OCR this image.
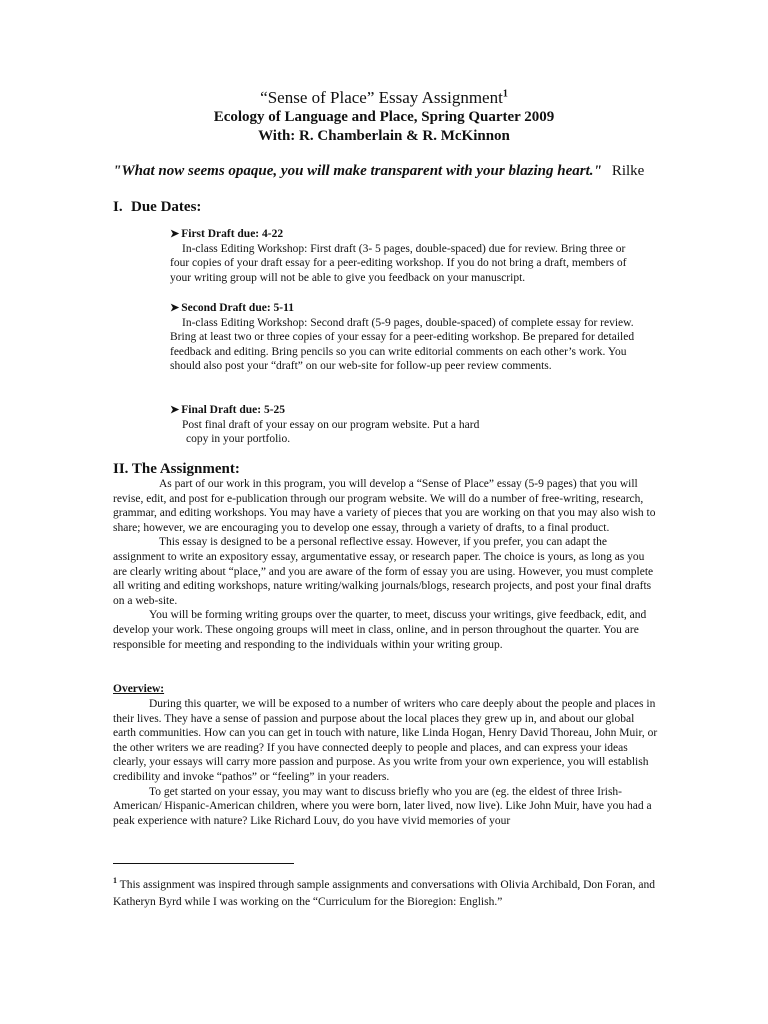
“Sense of Place” Essay Assignment$^1$
Ecology of Language and Place, Spring Quarter 2009
With: R. Chamberlain & R. McKinnon
"What now seems opaque, you will make transparent with your blazing heart." Rilke
I. Due Dates:
➤ First Draft due: 4-22
In-class Editing Workshop: First draft (3- 5 pages, double-spaced) due for review. Bring three or four copies of your draft essay for a peer-editing workshop. If you do not bring a draft, members of your writing group will not be able to give you feedback on your manuscript.
➤ Second Draft due: 5-11
In-class Editing Workshop: Second draft (5-9 pages, double-spaced) of complete essay for review. Bring at least two or three copies of your essay for a peer-editing workshop. Be prepared for detailed feedback and editing. Bring pencils so you can write editorial comments on each other’s work. You should also post your “draft” on our web-site for follow-up peer review comments.
➤ Final Draft due: 5-25
Post final draft of your essay on our program website. Put a hard
copy in your portfolio.
II. The Assignment:
As part of our work in this program, you will develop a “Sense of Place” essay (5-9 pages) that you will revise, edit, and post for e-publication through our program website. We will do a number of free-writing, research, grammar, and editing workshops. You may have a variety of pieces that you are working on that you may also wish to share; however, we are encouraging you to develop one essay, through a variety of drafts, to a final product.
This essay is designed to be a personal reflective essay. However, if you prefer, you can adapt the assignment to write an expository essay, argumentative essay, or research paper. The choice is yours, as long as you are clearly writing about “place,” and you are aware of the form of essay you are using. However, you must complete all writing and editing workshops, nature writing/walking journals/blogs, research projects, and post your final drafts on a web-site.
You will be forming writing groups over the quarter, to meet, discuss your writings, give feedback, edit, and develop your work. These ongoing groups will meet in class, online, and in person throughout the quarter. You are responsible for meeting and responding to the individuals within your writing group.
Overview:
During this quarter, we will be exposed to a number of writers who care deeply about the people and places in their lives. They have a sense of passion and purpose about the local places they grew up in, and about our global earth communities. How can you can get in touch with nature, like Linda Hogan, Henry David Thoreau, John Muir, or the other writers we are reading? If you have connected deeply to people and places, and can express your ideas clearly, your essays will carry more passion and purpose. As you write from your own experience, you will establish credibility and invoke “pathos” or “feeling” in your readers.
To get started on your essay, you may want to discuss briefly who you are (eg. the eldest of three Irish-American/ Hispanic-American children, where you were born, later lived, now live). Like John Muir, have you had a peak experience with nature? Like Richard Louv, do you have vivid memories of your
$^1$ This assignment was inspired through sample assignments and conversations with Olivia Archibald, Don Foran, and Katheryn Byrd while I was working on the “Curriculum for the Bioregion: English.”
